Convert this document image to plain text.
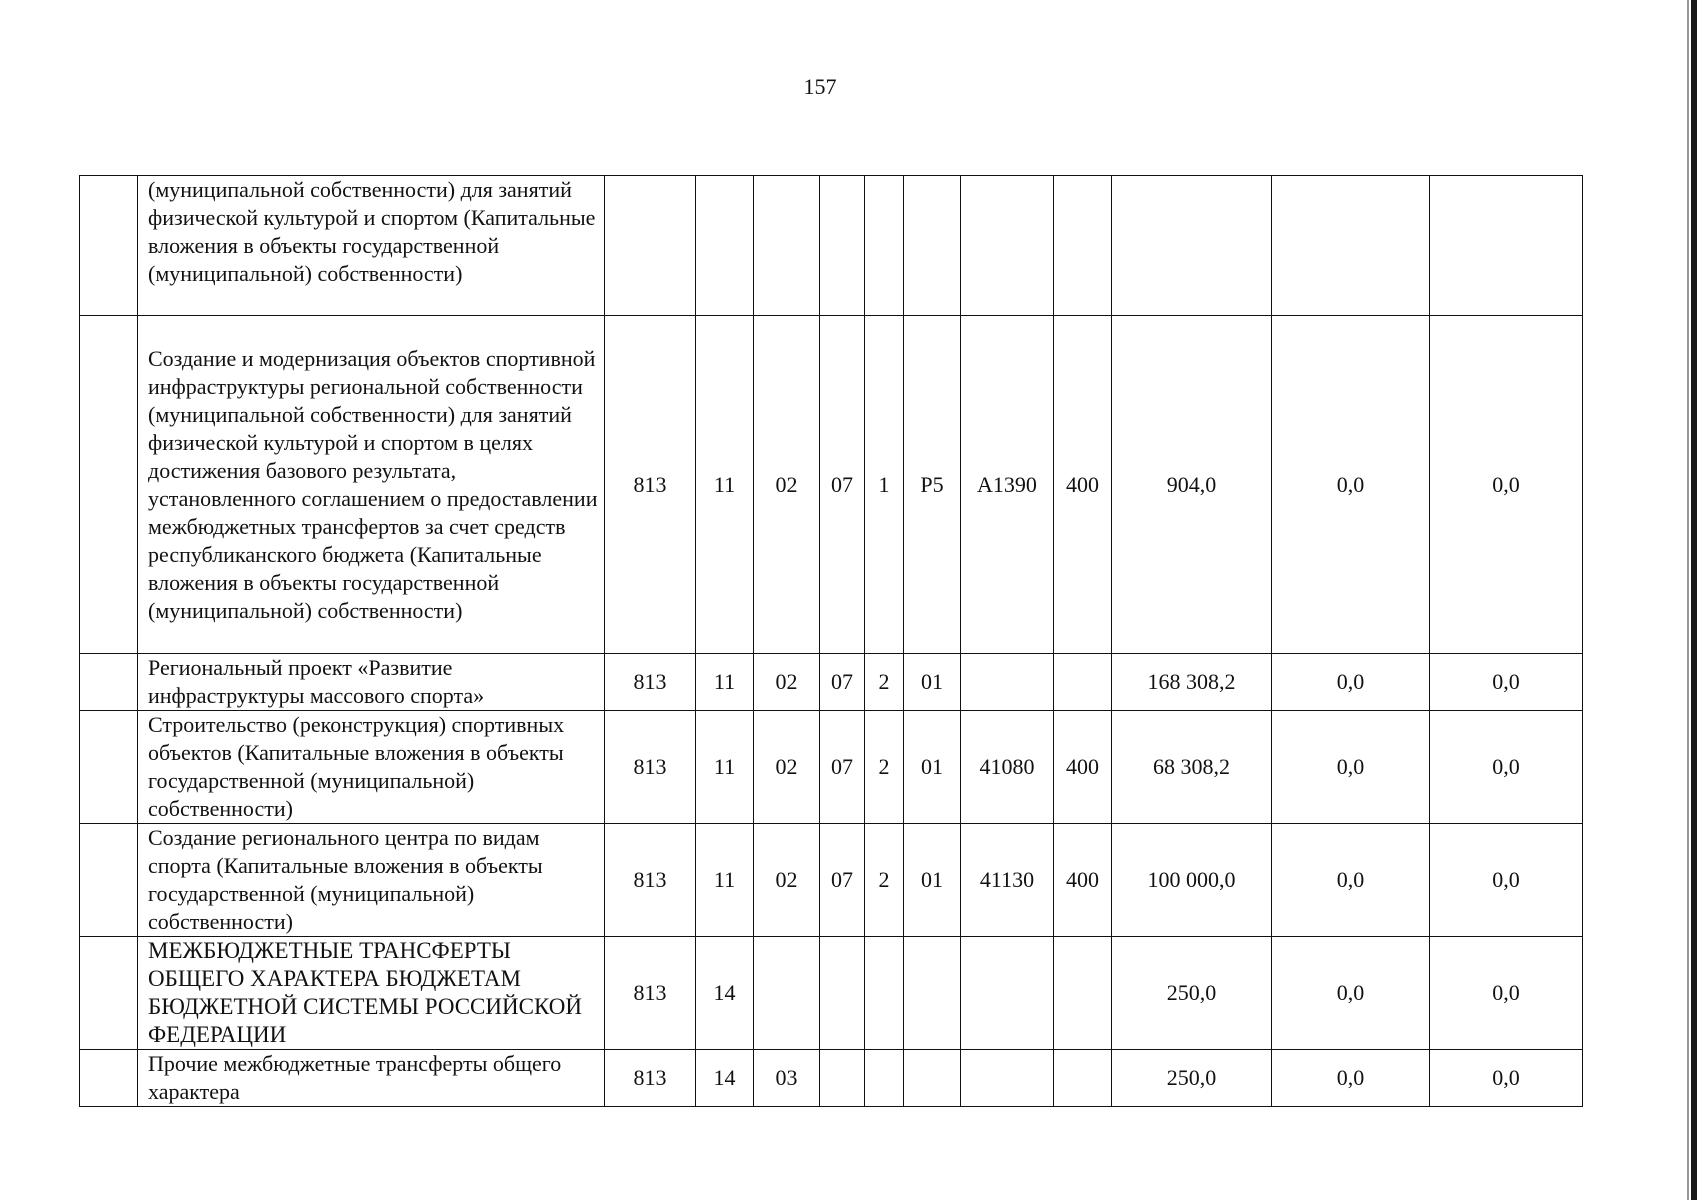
157
	(муниципальной собственности) для занятий физической культурой и спортом (Капитальные вложения в объекты государственной (муниципальной) собственности)											
	Создание и модернизация объектов спортивной инфраструктуры региональной собственности (муниципальной собственности) для занятий физической культурой и спортом в целях достижения базового результата, установленного соглашением о предоставлении межбюджетных трансфертов за счет средств республиканского бюджета (Капитальные вложения в объекты государственной (муниципальной) собственности)	813	11	02	07	1	P5	A1390	400	904,0	0,0	0,0
	Региональный проект «Развитие инфраструктуры массового спорта»	813	11	02	07	2	01			168 308,2	0,0	0,0
	Строительство (реконструкция) спортивных объектов (Капитальные вложения в объекты государственной (муниципальной) собственности)	813	11	02	07	2	01	41080	400	68 308,2	0,0	0,0
	Создание регионального центра по видам спорта (Капитальные вложения в объекты государственной (муниципальной) собственности)	813	11	02	07	2	01	41130	400	100 000,0	0,0	0,0
	МЕЖБЮДЖЕТНЫЕ ТРАНСФЕРТЫ ОБЩЕГО ХАРАКТЕРА БЮДЖЕТАМ БЮДЖЕТНОЙ СИСТЕМЫ РОССИЙСКОЙ ФЕДЕРАЦИИ	813	14							250,0	0,0	0,0
	Прочие межбюджетные трансферты общего характера	813	14	03						250,0	0,0	0,0
